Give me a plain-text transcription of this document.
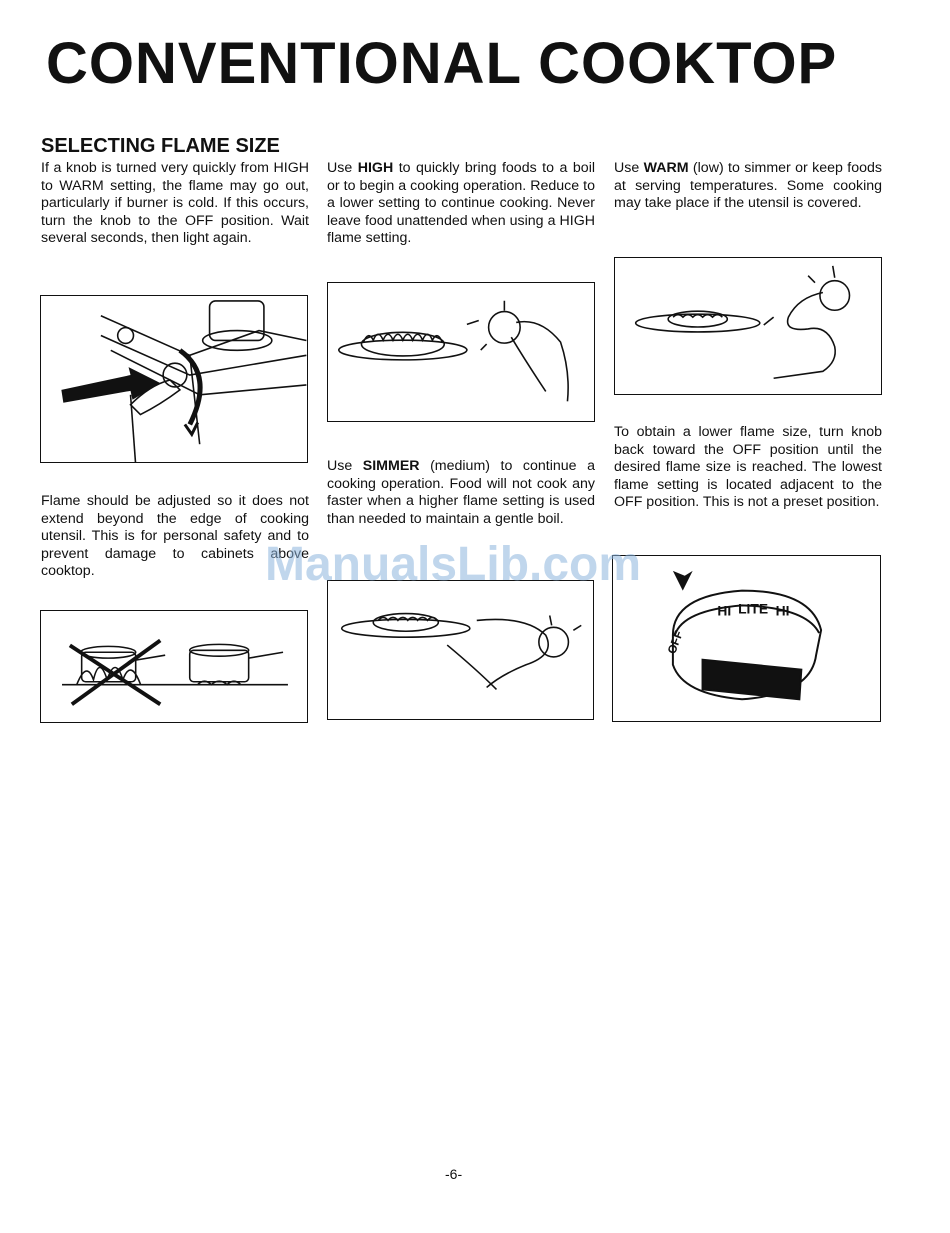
CONVENTIONAL COOKTOP
SELECTING FLAME SIZE

If a knob is turned very quickly from HIGH to WARM setting, the flame may go out, particularly if burner is cold. If this occurs, turn the knob to the OFF position. Wait several seconds, then light again.

Flame should be adjusted so it does not extend beyond the edge of cooking utensil. This is for personal safety and to prevent damage to cabinets above cooktop.

Use HIGH to quickly bring foods to a boil or to begin a cooking operation. Reduce to a lower setting to continue cooking. Never leave food unattended when using a HIGH flame setting.

Use SIMMER (medium) to continue a cooking operation. Food will not cook any faster when a higher flame setting is used than needed to maintain a gentle boil.

Use WARM (low) to simmer or keep foods at serving temperatures. Some cooking may take place if the utensil is covered.

To obtain a lower flame size, turn knob back toward the OFF position until the desired flame size is reached. The lowest flame setting is located adjacent to the OFF position. This is not a preset position.

HI LITE HI
OFF
ManualsLib.com
-6-
